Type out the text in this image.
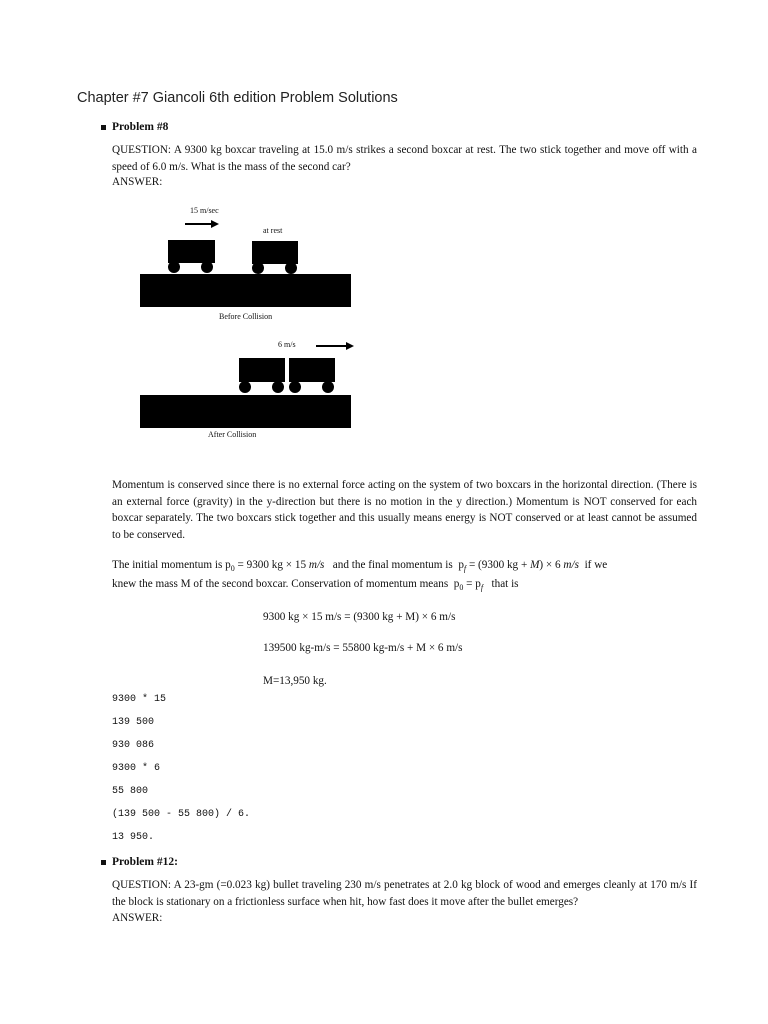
Chapter #7 Giancoli 6th edition Problem Solutions
Problem #8
QUESTION: A 9300 kg boxcar traveling at 15.0 m/s strikes a second boxcar at rest. The two stick together and move off with a speed of 6.0 m/s. What is the mass of the second car?
ANSWER:
15 m/sec
at rest
Before Collision
6 m/s
After Collision
Momentum is conserved since there is no external force acting on the system of two boxcars in the horizontal direction. (There is an external force (gravity) in the y-direction but there is no motion in the y direction.) Momentum is NOT conserved for each boxcar separately. The two boxcars stick together and this usually means energy is NOT conserved or at least cannot be assumed to be conserved.
The initial momentum is $p_0 = 9300$ kg × 15 m/s and the final momentum is $p_f = (9300$ kg + M) × 6 m/s if we
knew the mass M of the second boxcar. Conservation of momentum means $p_0 = p_f$ that is
9300 kg × 15 m/s = (9300 kg + M) × 6 m/s
139500 kg-m/s = 55800 kg-m/s + M × 6 m/s
M=13,950 kg.
9300 * 15
139 500
930 086
9300 * 6
55 800
(139 500 - 55 800) / 6.
13 950.
Problem #12:
QUESTION: A 23-gm (=0.023 kg) bullet traveling 230 m/s penetrates at 2.0 kg block of wood and emerges cleanly at 170 m/s If the block is stationary on a frictionless surface when hit, how fast does it move after the bullet emerges?
ANSWER:
